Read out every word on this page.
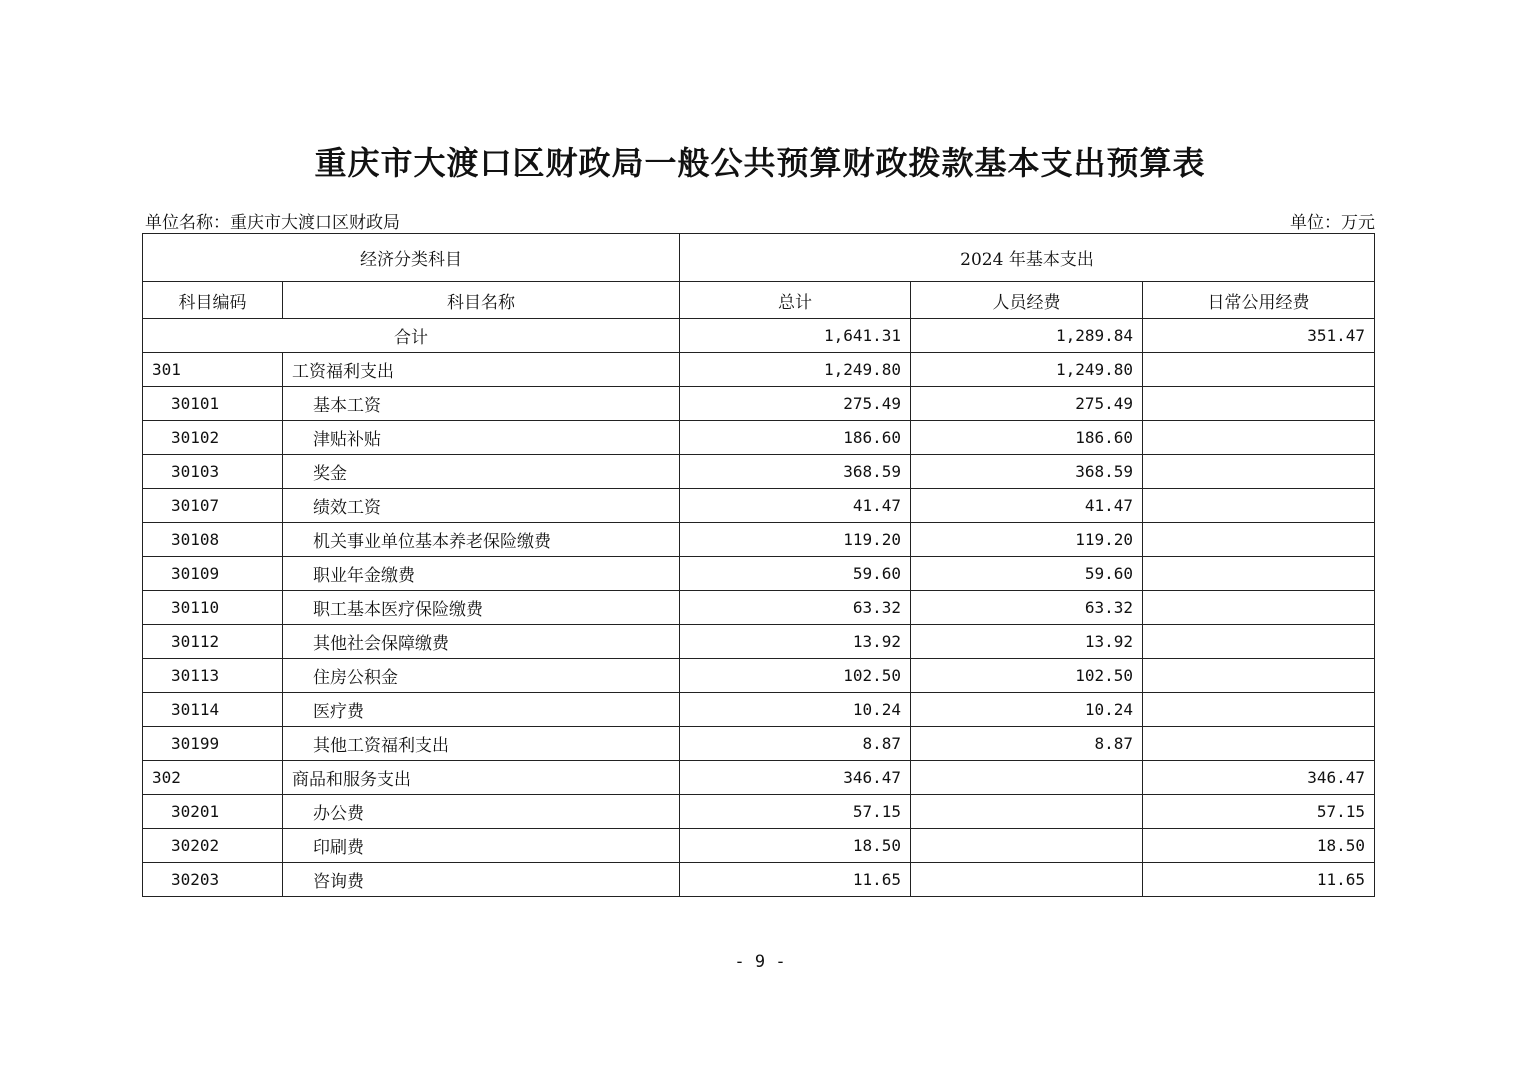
重庆市大渡口区财政局一般公共预算财政拨款基本支出预算表
单位名称：重庆市大渡口区财政局	单位：万元
经济分类科目		2024 年基本支出		
科目编码	科目名称	总计	人员经费	日常公用经费
合计		1,641.31	1,289.84	351.47
301	工资福利支出	1,249.80	1,249.80	
30101	基本工资	275.49	275.49	
30102	津贴补贴	186.60	186.60	
30103	奖金	368.59	368.59	
30107	绩效工资	41.47	41.47	
30108	机关事业单位基本养老保险缴费	119.20	119.20	
30109	职业年金缴费	59.60	59.60	
30110	职工基本医疗保险缴费	63.32	63.32	
30112	其他社会保障缴费	13.92	13.92	
30113	住房公积金	102.50	102.50	
30114	医疗费	10.24	10.24	
30199	其他工资福利支出	8.87	8.87	
302	商品和服务支出	346.47		346.47
30201	办公费	57.15		57.15
30202	印刷费	18.50		18.50
30203	咨询费	11.65		11.65
- 9 -
